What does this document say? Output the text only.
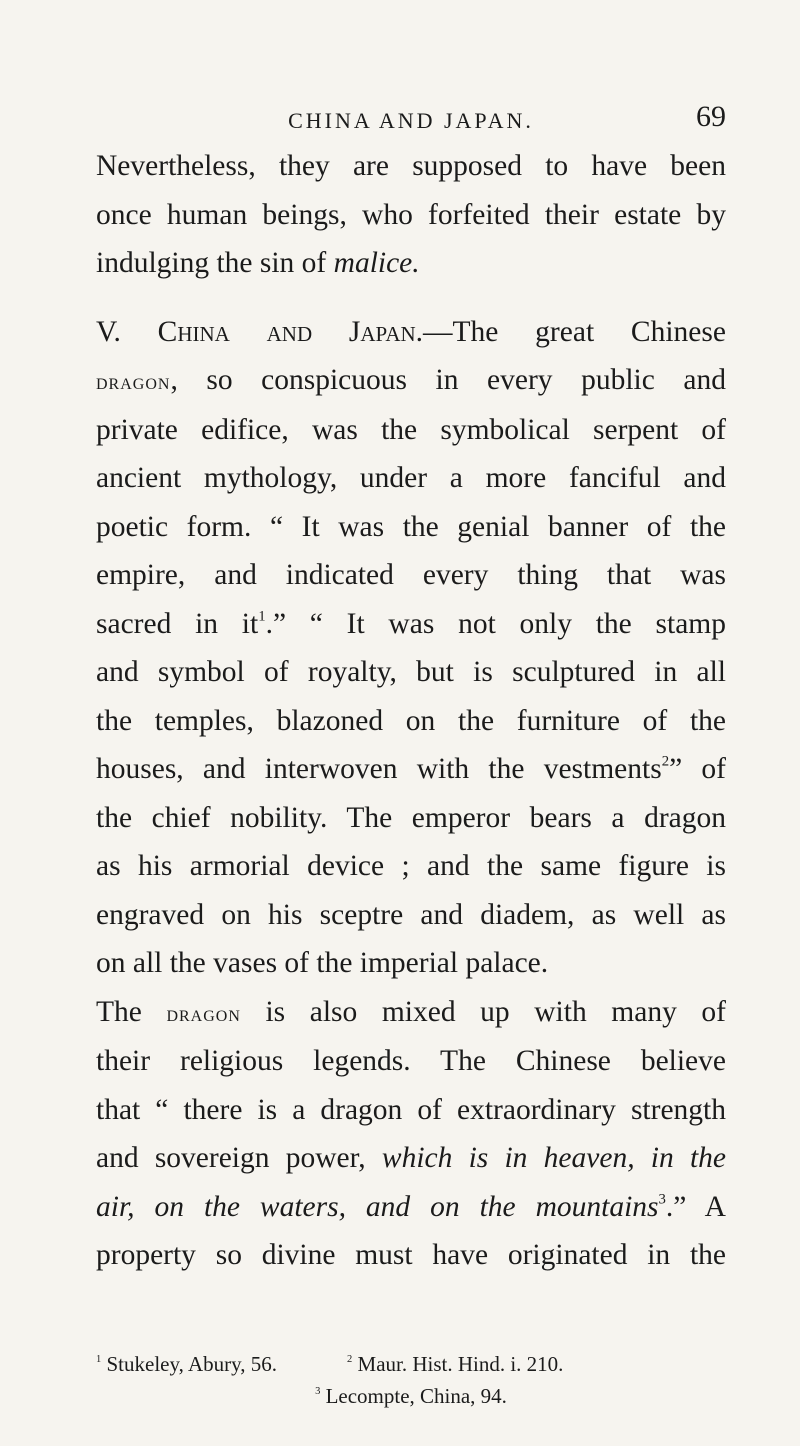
CHINA AND JAPAN.	69

Nevertheless, they are supposed to have been

once human beings, who forfeited their estate by

indulging the sin of malice.

V. China and Japan.—The great Chinese

dragon, so conspicuous in every public and

private edifice, was the symbolical serpent of

ancient mythology, under a more fanciful and

poetic form. “ It was the genial banner of the

empire, and indicated every thing that was

sacred in $it^1$.” “ It was not only the stamp

and symbol of royalty, but is sculptured in all

the temples, blazoned on the furniture of the

houses, and interwoven with the vestments$^2$” of

the chief nobility. The emperor bears a dragon

as his armorial device ; and the same figure is

engraved on his sceptre and diadem, as well as

on all the vases of the imperial palace.

The dragon is also mixed up with many of

their religious legends. The Chinese believe

that “ there is a dragon of extraordinary strength

and sovereign power, which is in heaven, in the

air, on the waters, and on the mountains$^3$.” A

property so divine must have originated in the

$^1$ Stukeley, Abury, 56.	$^2$ Maur. Hist. Hind. i. 210.
$^3$ Lecompte, China, 94.
